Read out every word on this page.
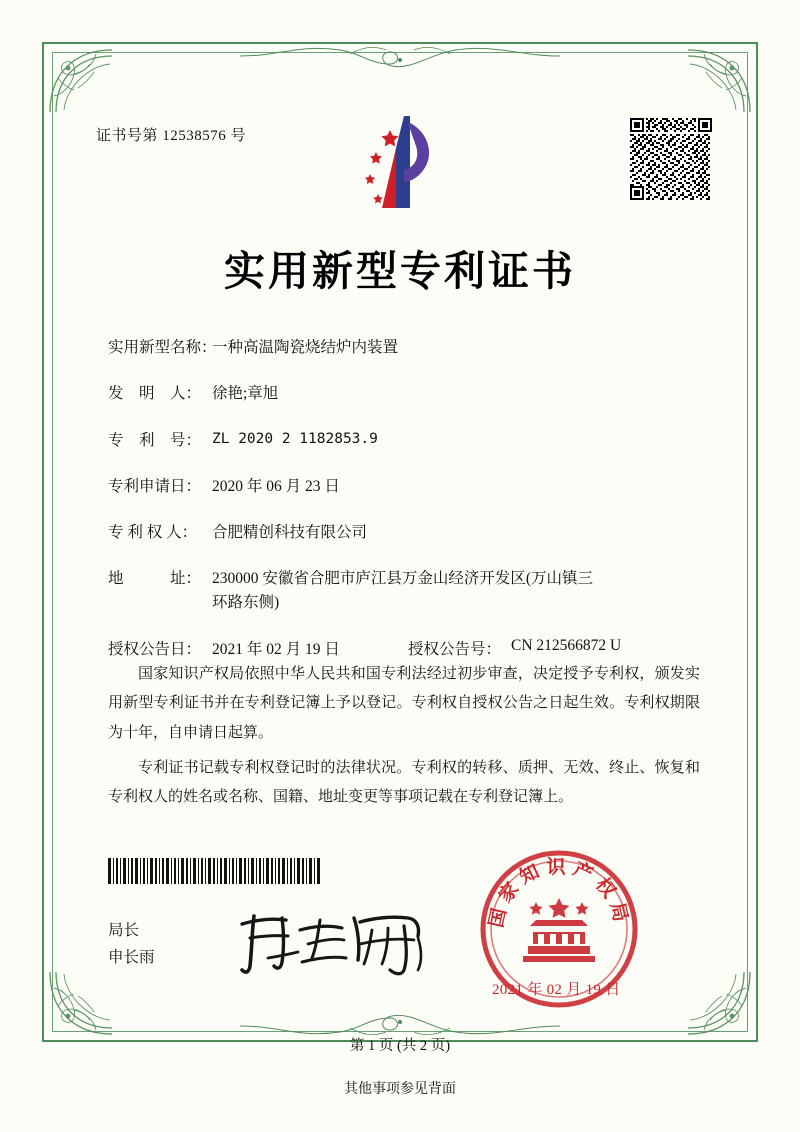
证书号第 12538576 号
实用新型专利证书
实用新型名称：
一种高温陶瓷烧结炉内装置
发　明　人： 徐艳;章旭
专　利　号： ZL 2020 2 1182853.9
专利申请日： 2020 年 06 月 23 日
专 利 权 人： 合肥精创科技有限公司
地　　　址： 230000 安徽省合肥市庐江县万金山经济开发区(万山镇三
环路东侧)
授权公告日： 2021 年 02 月 19 日	授权公告号： CN 212566872 U

国家知识产权局依照中华人民共和国专利法经过初步审查，决定授予专利权，颁发实用新型专利证书并在专利登记簿上予以登记。专利权自授权公告之日起生效。专利权期限为十年，自申请日起算。

专利证书记载专利权登记时的法律状况。专利权的转移、质押、无效、终止、恢复和专利权人的姓名或名称、国籍、地址变更等事项记载在专利登记簿上。

局长
申长雨
国家知识产权局
2021 年 02 月 19 日
第 1 页 (共 2 页)
其他事项参见背面
